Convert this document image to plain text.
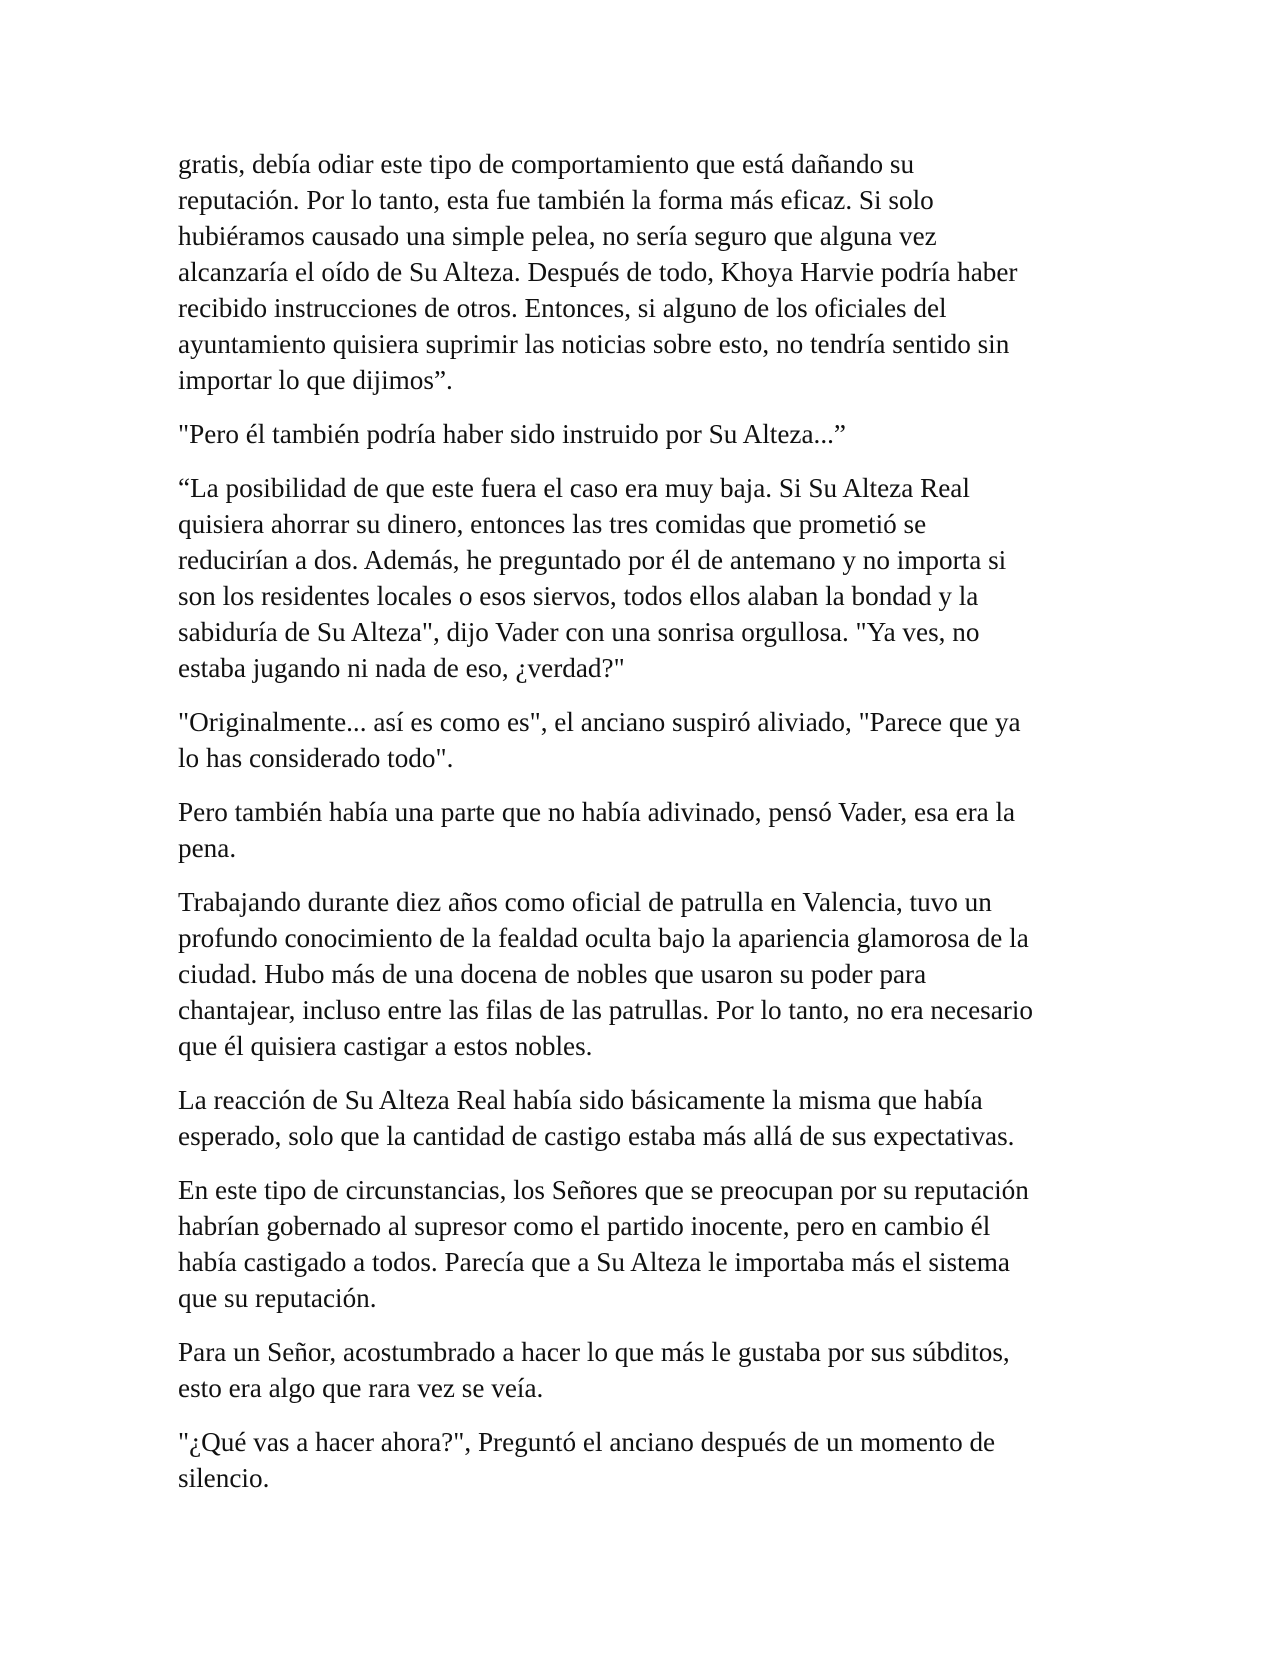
gratis, debía odiar este tipo de comportamiento que está dañando su
reputación. Por lo tanto, esta fue también la forma más eficaz. Si solo
hubiéramos causado una simple pelea, no sería seguro que alguna vez
alcanzaría el oído de Su Alteza. Después de todo, Khoya Harvie podría haber
recibido instrucciones de otros. Entonces, si alguno de los oficiales del
ayuntamiento quisiera suprimir las noticias sobre esto, no tendría sentido sin
importar lo que dijimos”.

"Pero él también podría haber sido instruido por Su Alteza...”

“La posibilidad de que este fuera el caso era muy baja. Si Su Alteza Real
quisiera ahorrar su dinero, entonces las tres comidas que prometió se
reducirían a dos. Además, he preguntado por él de antemano y no importa si
son los residentes locales o esos siervos, todos ellos alaban la bondad y la
sabiduría de Su Alteza", dijo Vader con una sonrisa orgullosa. "Ya ves, no
estaba jugando ni nada de eso, ¿verdad?"

"Originalmente... así es como es", el anciano suspiró aliviado, "Parece que ya
lo has considerado todo".

Pero también había una parte que no había adivinado, pensó Vader, esa era la
pena.

Trabajando durante diez años como oficial de patrulla en Valencia, tuvo un
profundo conocimiento de la fealdad oculta bajo la apariencia glamorosa de la
ciudad. Hubo más de una docena de nobles que usaron su poder para
chantajear, incluso entre las filas de las patrullas. Por lo tanto, no era necesario
que él quisiera castigar a estos nobles.

La reacción de Su Alteza Real había sido básicamente la misma que había
esperado, solo que la cantidad de castigo estaba más allá de sus expectativas.

En este tipo de circunstancias, los Señores que se preocupan por su reputación
habrían gobernado al supresor como el partido inocente, pero en cambio él
había castigado a todos. Parecía que a Su Alteza le importaba más el sistema
que su reputación.

Para un Señor, acostumbrado a hacer lo que más le gustaba por sus súbditos,
esto era algo que rara vez se veía.

"¿Qué vas a hacer ahora?", Preguntó el anciano después de un momento de
silencio.
